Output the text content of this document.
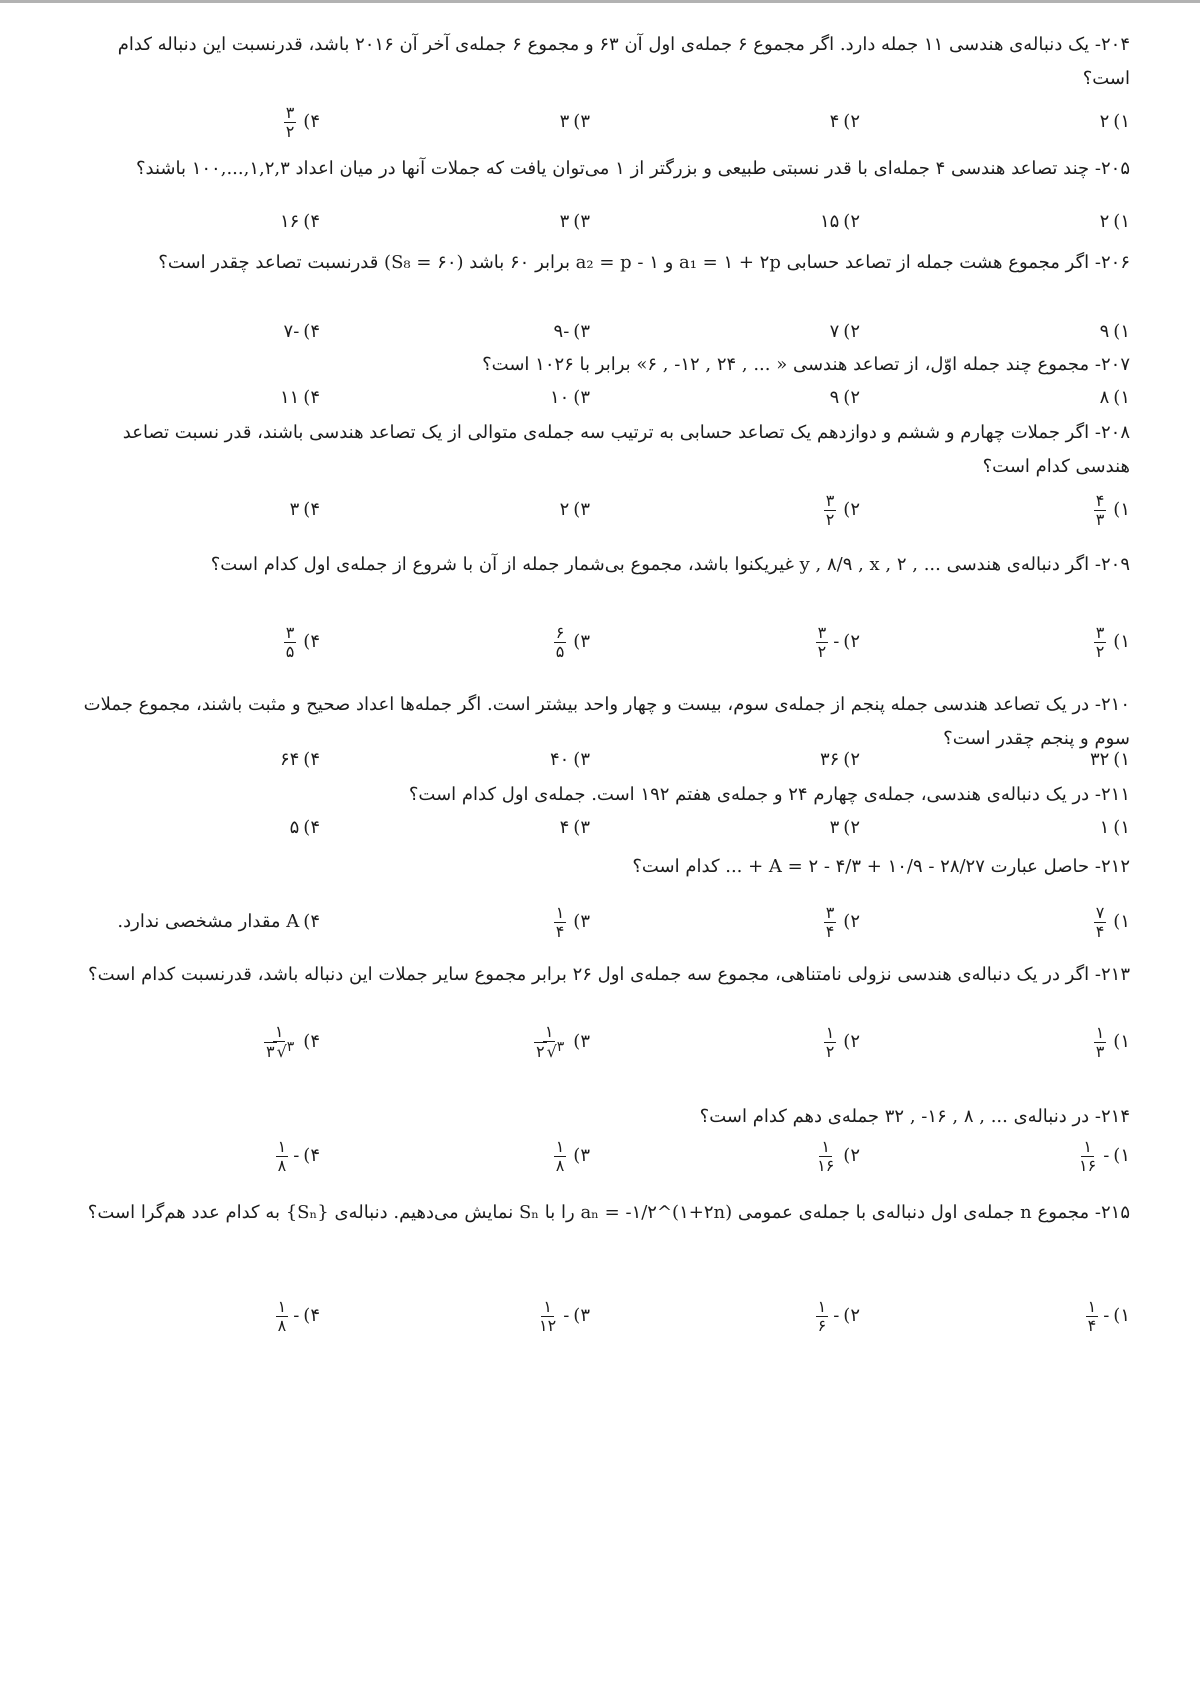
۲۰۴- یک دنباله‌ی هندسی ۱۱ جمله دارد. اگر مجموع ۶ جمله‌ی اول آن ۶۳ و مجموع ۶ جمله‌ی آخر آن ۲۰۱۶ باشد، قدرنسبت این دنباله کدام است؟
۱)۲
۲)۴
۳)۳
۴)
$\frac{۳}{۲}$
۲۰۵- چند تصاعد هندسی ۴ جمله‌ای با قدر نسبتی طبیعی و بزرگتر از ۱ می‌توان یافت که جملات آنها در میان اعداد ۱,۲,۳,...,۱۰۰ باشند؟
۱)۲
۲)۱۵
۳)۳
۴)۱۶
۲۰۶- اگر مجموع هشت جمله از تصاعد حسابی a₁ = ۱ + ۲p و a₂ = p - ۱ برابر ۶۰ باشد (S₈ = ۶۰) قدرنسبت تصاعد چقدر است؟
۱)۹
۲)۷
۳)-۹
۴)-۷
۲۰۷- مجموع چند جمله اوّل، از تصاعد هندسی « ... , ۲۴ , ۱۲- , ۶» برابر با ۱۰۲۶ است؟
۱)۸
۲)۹
۳)۱۰
۴)۱۱
۲۰۸- اگر جملات چهارم و ششم و دوازدهم یک تصاعد حسابی به ترتیب سه جمله‌ی متوالی از یک تصاعد هندسی باشند، قدر نسبت تصاعد هندسی کدام است؟
۱)
$\frac{۴}{۳}$
۲)
$\frac{۳}{۲}$
۳)۲
۴)۳
۲۰۹- اگر دنباله‌ی هندسی ... , y , ۸/۹ , x , ۲ غیریکنوا باشد، مجموع بی‌شمار جمله از آن با شروع از جمله‌ی اول کدام است؟
۱)
$\frac{۳}{۲}$
۲)-
$\frac{۳}{۲}$
۳)
$\frac{۶}{۵}$
۴)
$\frac{۳}{۵}$
۲۱۰- در یک تصاعد هندسی جمله پنجم از جمله‌ی سوم، بیست و چهار واحد بیشتر است. اگر جمله‌ها اعداد صحیح و مثبت باشند، مجموع جملات سوم و پنجم چقدر است؟
۱)۳۲
۲)۳۶
۳)۴۰
۴)۶۴
۲۱۱- در یک دنباله‌ی هندسی، جمله‌ی چهارم ۲۴ و جمله‌ی هفتم ۱۹۲ است. جمله‌ی اول کدام است؟
۱)۱
۲)۳
۳)۴
۴)۵
۲۱۲- حاصل عبارت A = ۲ - ۴/۳ + ۱۰/۹ - ۲۸/۲۷ + ... کدام است؟
۱)
$\frac{۷}{۴}$
۲)
$\frac{۳}{۴}$
۳)
$\frac{۱}{۴}$
۴)A مقدار مشخصی ندارد.
۲۱۳- اگر در یک دنباله‌ی هندسی نزولی نامتناهی، مجموع سه جمله‌ی اول ۲۶ برابر مجموع سایر جملات این دنباله باشد، قدرنسبت کدام است؟
۱)
$\frac{۱}{۳}$
۲)
$\frac{۱}{۲}$
۳)
$\frac{۱}{۳√۲}$
۴)
$\frac{۱}{۳√۳}$
۲۱۴- در دنباله‌ی ... , ۸ , ۱۶- , ۳۲ جمله‌ی دهم کدام است؟
۱)-
$\frac{۱}{۱۶}$
۲)
$\frac{۱}{۱۶}$
۳)
$\frac{۱}{۸}$
۴)-
$\frac{۱}{۸}$
۲۱۵- مجموع n جمله‌ی اول دنباله‌ی با جمله‌ی عمومی aₙ = -۱/۲^(۱+۲n) را با Sₙ نمایش می‌دهیم. دنباله‌ی {Sₙ} به کدام عدد هم‌گرا است؟
۱)-
$\frac{۱}{۴}$
۲)-
$\frac{۱}{۶}$
۳)-
$\frac{۱}{۱۲}$
۴)-
$\frac{۱}{۸}$
